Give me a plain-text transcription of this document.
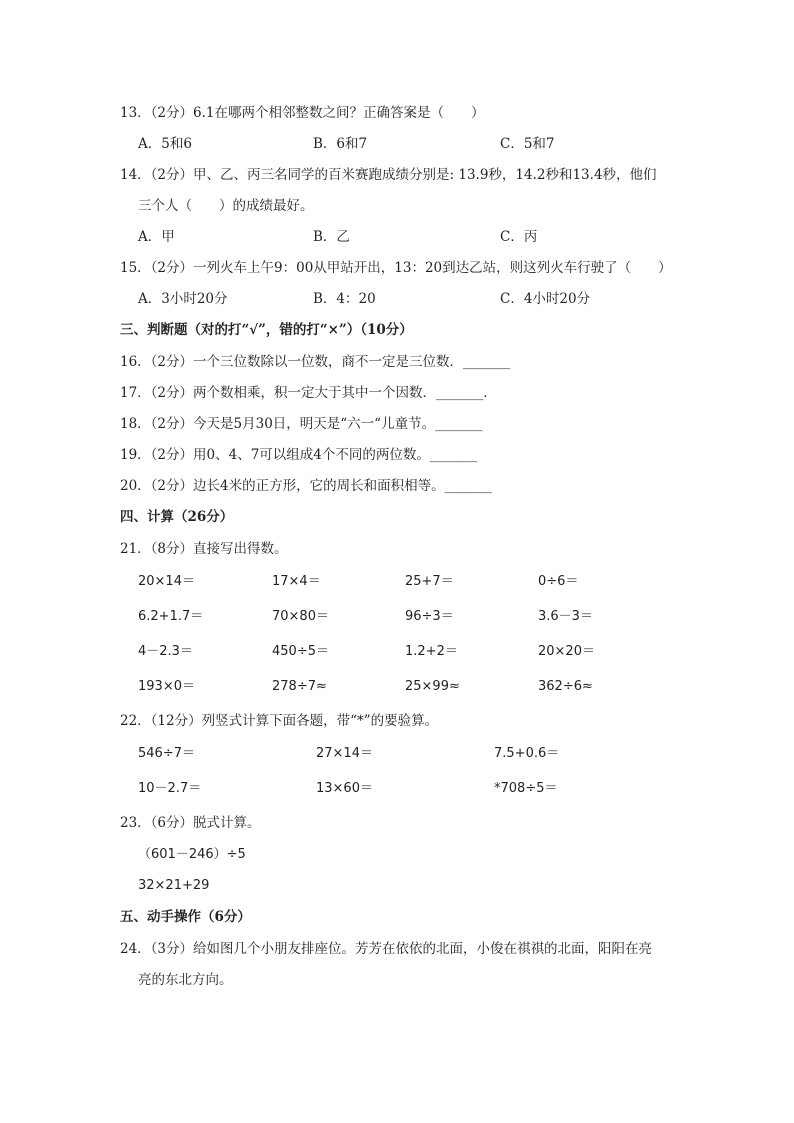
13．（2分）6.1在哪两个相邻整数之间？正确答案是（　　）
A．5和6	B．6和7	C．5和7
14．（2分）甲、乙、丙三名同学的百米赛跑成绩分别是: 13.9秒，14.2秒和13.4秒，他们
三个人（　　）的成绩最好。
A．甲	B．乙	C．丙
15．（2分）一列火车上午9：00从甲站开出，13：20到达乙站，则这列火车行驶了（　　）
A．3小时20分	B．4：20	C．4小时20分
三、判断题（对的打“√”，错的打“×”）（10分）
16．（2分）一个三位数除以一位数，商不一定是三位数．_______
17．（2分）两个数相乘，积一定大于其中一个因数．_______．
18．（2分）今天是5月30日，明天是“六一“儿童节。_______
19．（2分）用0、4、7可以组成4个不同的两位数。_______
20．（2分）边长4米的正方形，它的周长和面积相等。_______
四、计算（26分）
21．（8分）直接写出得数。
20×14＝	17×4＝	25+7＝	0÷6＝
6.2+1.7＝	70×80＝	96÷3＝	3.6－3＝
4－2.3＝	450÷5＝	1.2+2＝	20×20＝
193×0＝	278÷7≈	25×99≈	362÷6≈
22．（12分）列竖式计算下面各题，带“*”的要验算。
546÷7＝	27×14＝	7.5+0.6＝
10－2.7＝	13×60＝	*708÷5＝
23．（6分）脱式计算。
（601－246）÷5
32×21+29
五、动手操作（6分）
24．（3分）给如图几个小朋友排座位。芳芳在依依的北面，小俊在祺祺的北面，阳阳在亮
亮的东北方向。
